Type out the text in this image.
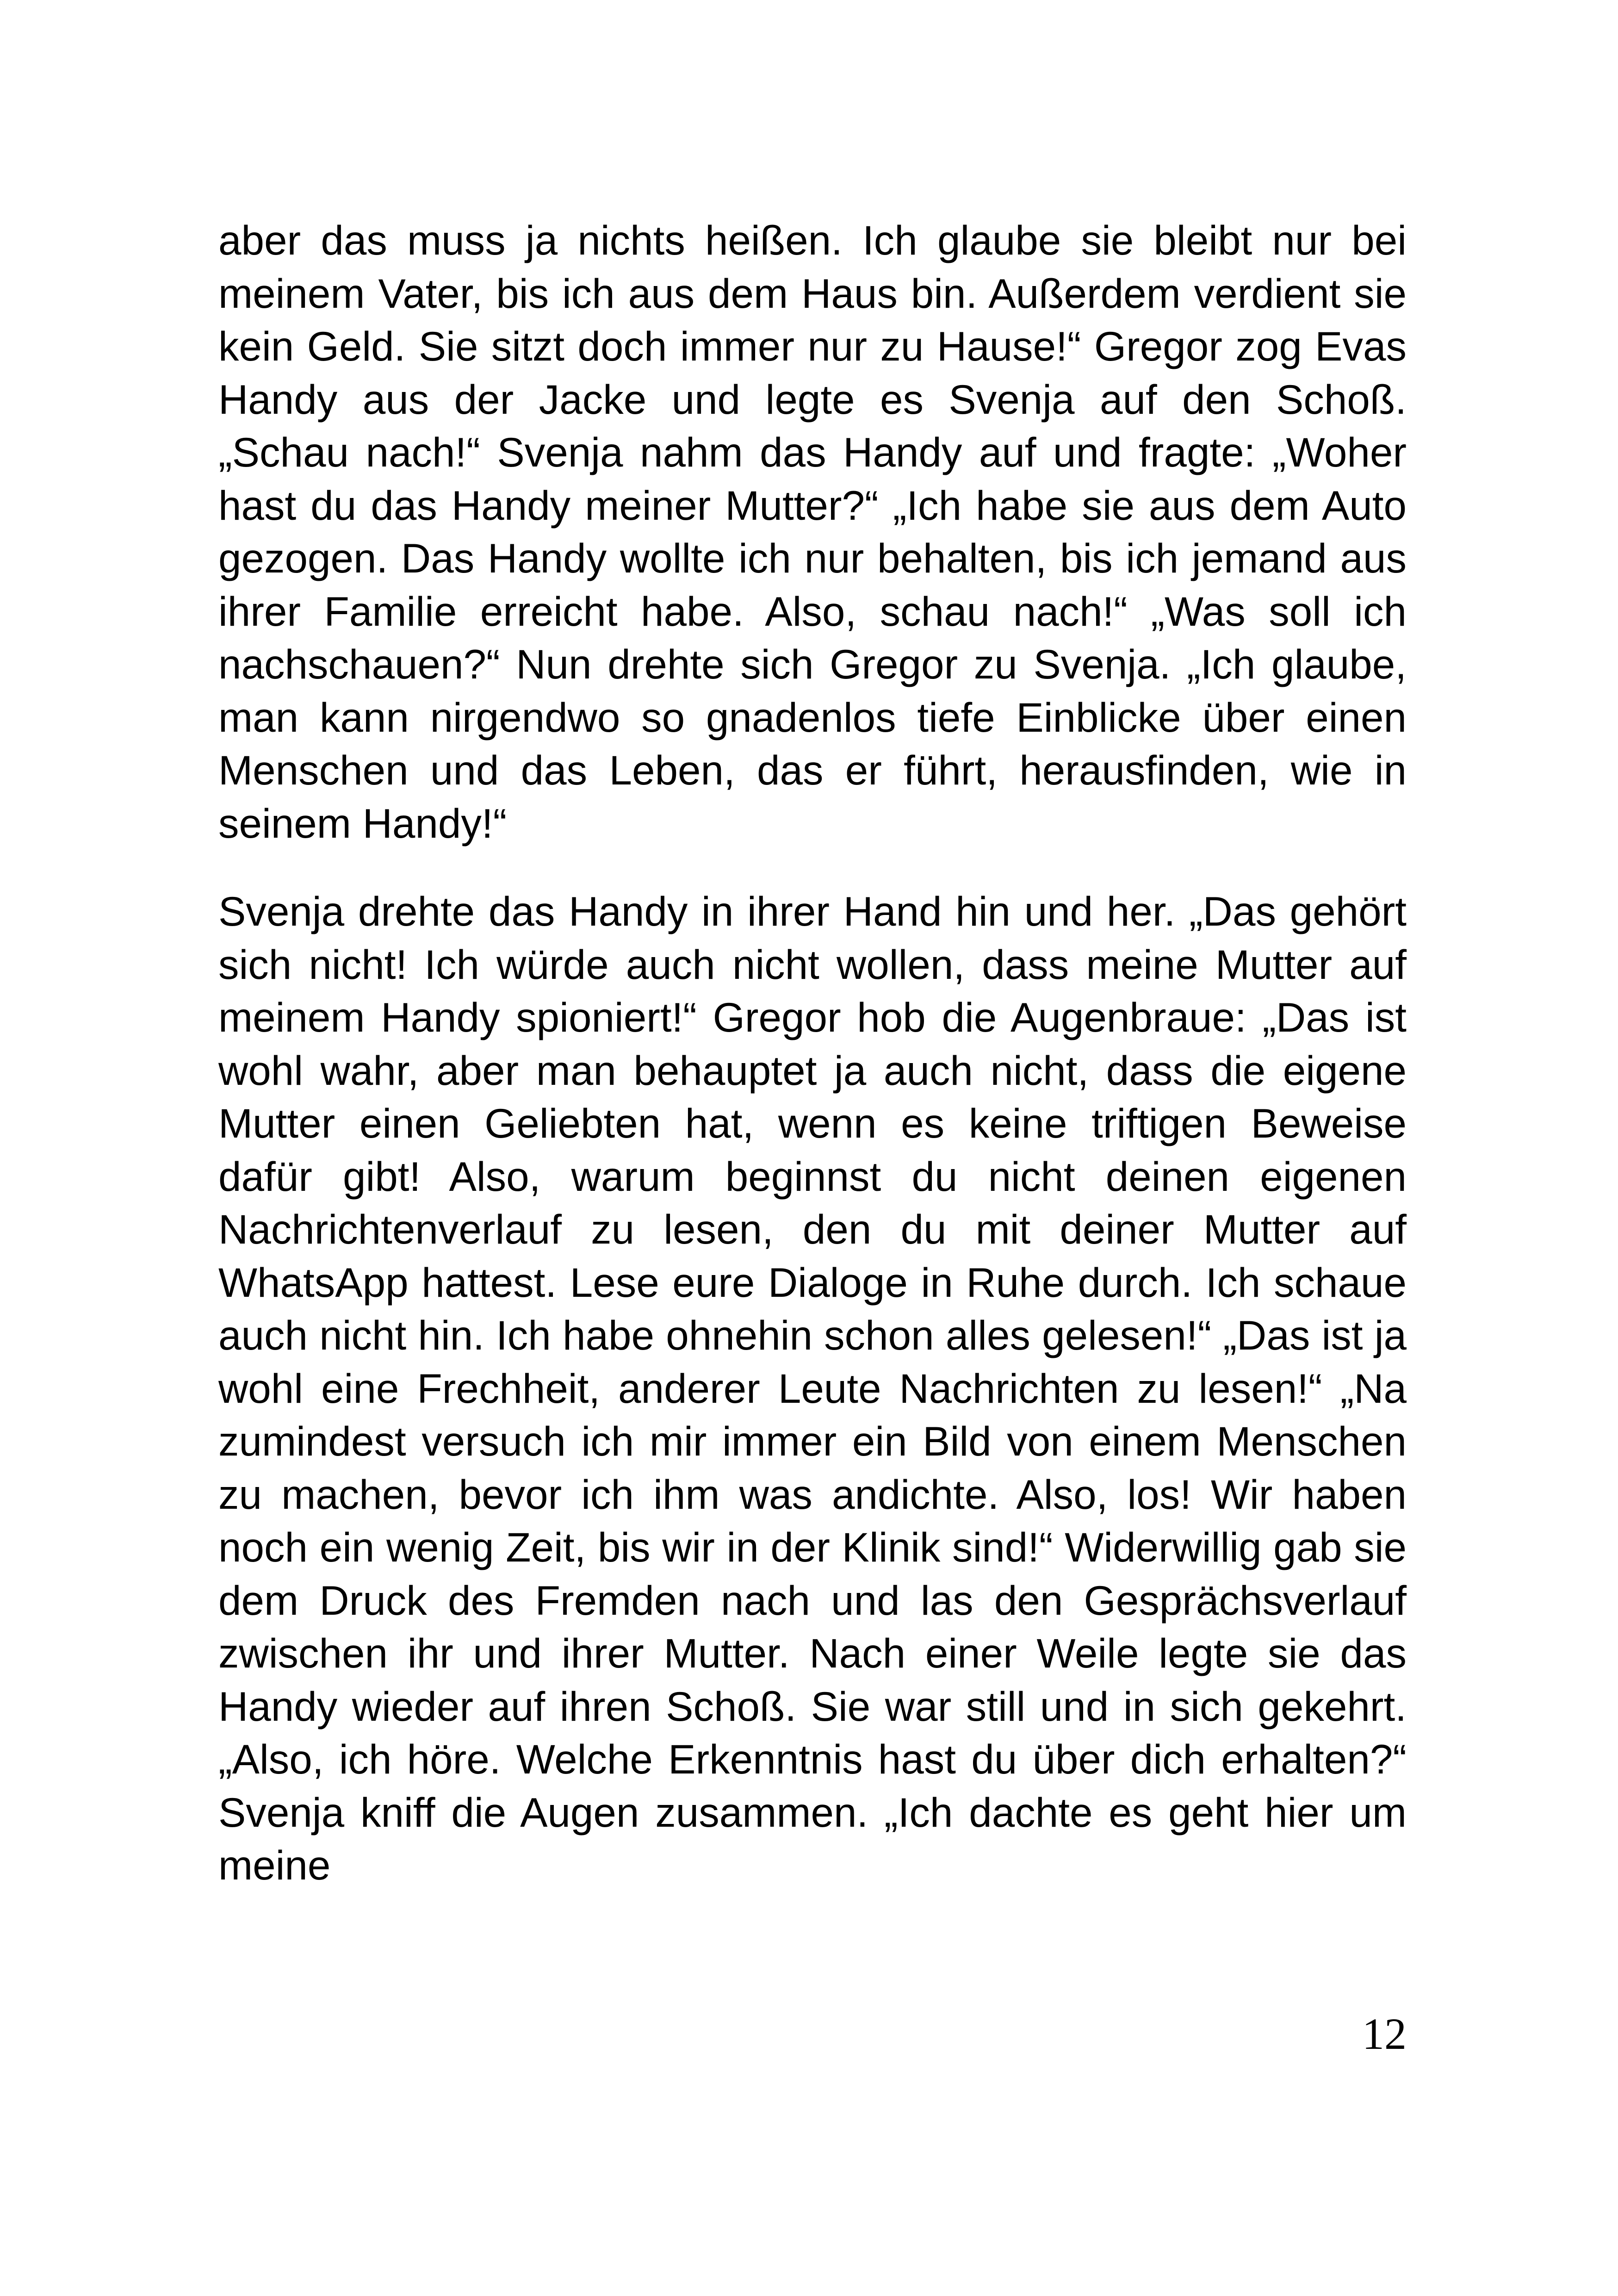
aber das muss ja nichts heißen. Ich glaube sie bleibt nur bei meinem Vater, bis ich aus dem Haus bin. Außerdem verdient sie kein Geld. Sie sitzt doch immer nur zu Hause!“ Gregor zog Evas Handy aus der Jacke und legte es Svenja auf den Schoß. „Schau nach!“ Svenja nahm das Handy auf und fragte: „Woher hast du das Handy meiner Mutter?“ „Ich habe sie aus dem Auto gezogen. Das Handy wollte ich nur behalten, bis ich jemand aus ihrer Familie erreicht habe. Also, schau nach!“ „Was soll ich nachschauen?“ Nun drehte sich Gregor zu Svenja. „Ich glaube, man kann nirgendwo so gnadenlos tiefe Einblicke über einen Menschen und das Leben, das er führt, herausfinden, wie in seinem Handy!“

Svenja drehte das Handy in ihrer Hand hin und her. „Das gehört sich nicht! Ich würde auch nicht wollen, dass meine Mutter auf meinem Handy spioniert!“ Gregor hob die Augenbraue: „Das ist wohl wahr, aber man behauptet ja auch nicht, dass die eigene Mutter einen Geliebten hat, wenn es keine triftigen Beweise dafür gibt! Also, warum beginnst du nicht deinen eigenen Nachrichtenverlauf zu lesen, den du mit deiner Mutter auf WhatsApp hattest. Lese eure Dialoge in Ruhe durch. Ich schaue auch nicht hin. Ich habe ohnehin schon alles gelesen!“ „Das ist ja wohl eine Frechheit, anderer Leute Nachrichten zu lesen!“ „Na zumindest versuch ich mir immer ein Bild von einem Menschen zu machen, bevor ich ihm was andichte. Also, los! Wir haben noch ein wenig Zeit, bis wir in der Klinik sind!“ Widerwillig gab sie dem Druck des Fremden nach und las den Gesprächsverlauf zwischen ihr und ihrer Mutter. Nach einer Weile legte sie das Handy wieder auf ihren Schoß. Sie war still und in sich gekehrt. „Also, ich höre. Welche Erkenntnis hast du über dich erhalten?“ Svenja kniff die Augen zusammen. „Ich dachte es geht hier um meine

12
